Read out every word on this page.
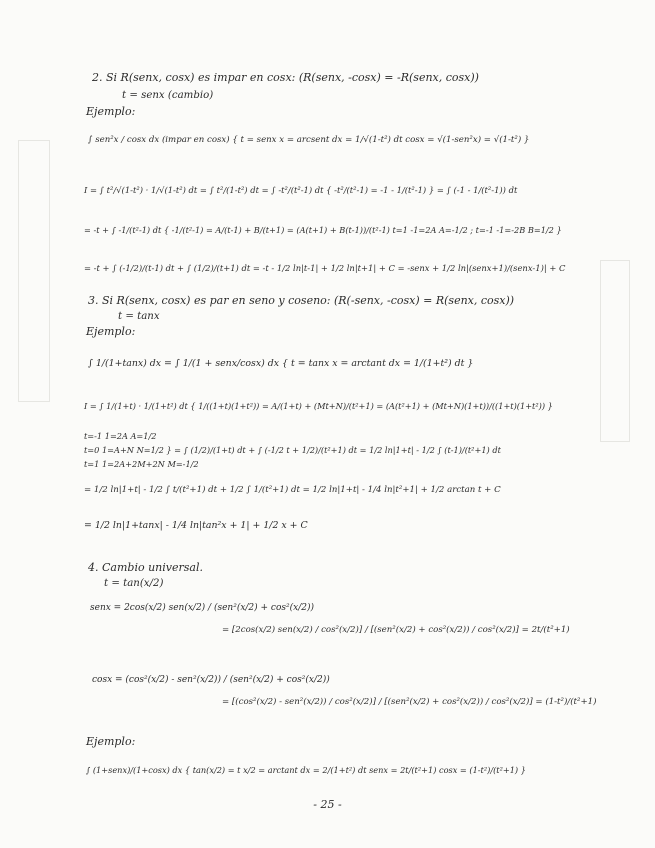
2. Si R(senx, cosx) es impar en cosx: (R(senx, -cosx) = -R(senx, cosx))
t = senx (cambio)
Ejemplo:
∫ sen²x / cosx dx (impar en cosx) { t = senx x = arcsent dx = 1/√(1-t²) dt cosx = √(1-sen²x) = √(1-t²) }
I = ∫ t²/√(1-t²) · 1/√(1-t²) dt = ∫ t²/(1-t²) dt = ∫ -t²/(t²-1) dt { -t²/(t²-1) = -1 - 1/(t²-1) } = ∫ (-1 - 1/(t²-1)) dt
= -t + ∫ -1/(t²-1) dt { -1/(t²-1) = A/(t-1) + B/(t+1) = (A(t+1) + B(t-1))/(t²-1) t=1 -1=2A A=-1/2 ; t=-1 -1=-2B B=1/2 }
= -t + ∫ (-1/2)/(t-1) dt + ∫ (1/2)/(t+1) dt = -t - 1/2 ln|t-1| + 1/2 ln|t+1| + C = -senx + 1/2 ln|(senx+1)/(senx-1)| + C
3. Si R(senx, cosx) es par en seno y coseno: (R(-senx, -cosx) = R(senx, cosx))
t = tanx
Ejemplo:
∫ 1/(1+tanx) dx = ∫ 1/(1 + senx/cosx) dx { t = tanx x = arctant dx = 1/(1+t²) dt }
I = ∫ 1/(1+t) · 1/(1+t²) dt { 1/((1+t)(1+t²)) = A/(1+t) + (Mt+N)/(t²+1) = (A(t²+1) + (Mt+N)(1+t))/((1+t)(1+t²)) }
t=-1 1=2A A=1/2
t=0 1=A+N N=1/2 } = ∫ (1/2)/(1+t) dt + ∫ (-1/2 t + 1/2)/(t²+1) dt = 1/2 ln|1+t| - 1/2 ∫ (t-1)/(t²+1) dt
t=1 1=2A+2M+2N M=-1/2
= 1/2 ln|1+t| - 1/2 ∫ t/(t²+1) dt + 1/2 ∫ 1/(t²+1) dt = 1/2 ln|1+t| - 1/4 ln|t²+1| + 1/2 arctan t + C
= 1/2 ln|1+tanx| - 1/4 ln|tan²x + 1| + 1/2 x + C
4. Cambio universal.
t = tan(x/2)
senx = 2cos(x/2) sen(x/2) / (sen²(x/2) + cos²(x/2))
= [2cos(x/2) sen(x/2) / cos²(x/2)] / [(sen²(x/2) + cos²(x/2)) / cos²(x/2)] = 2t/(t²+1)
cosx = (cos²(x/2) - sen²(x/2)) / (sen²(x/2) + cos²(x/2))
= [(cos²(x/2) - sen²(x/2)) / cos²(x/2)] / [(sen²(x/2) + cos²(x/2)) / cos²(x/2)] = (1-t²)/(t²+1)
Ejemplo:
∫ (1+senx)/(1+cosx) dx { tan(x/2) = t x/2 = arctant dx = 2/(1+t²) dt senx = 2t/(t²+1) cosx = (1-t²)/(t²+1) }
- 25 -
